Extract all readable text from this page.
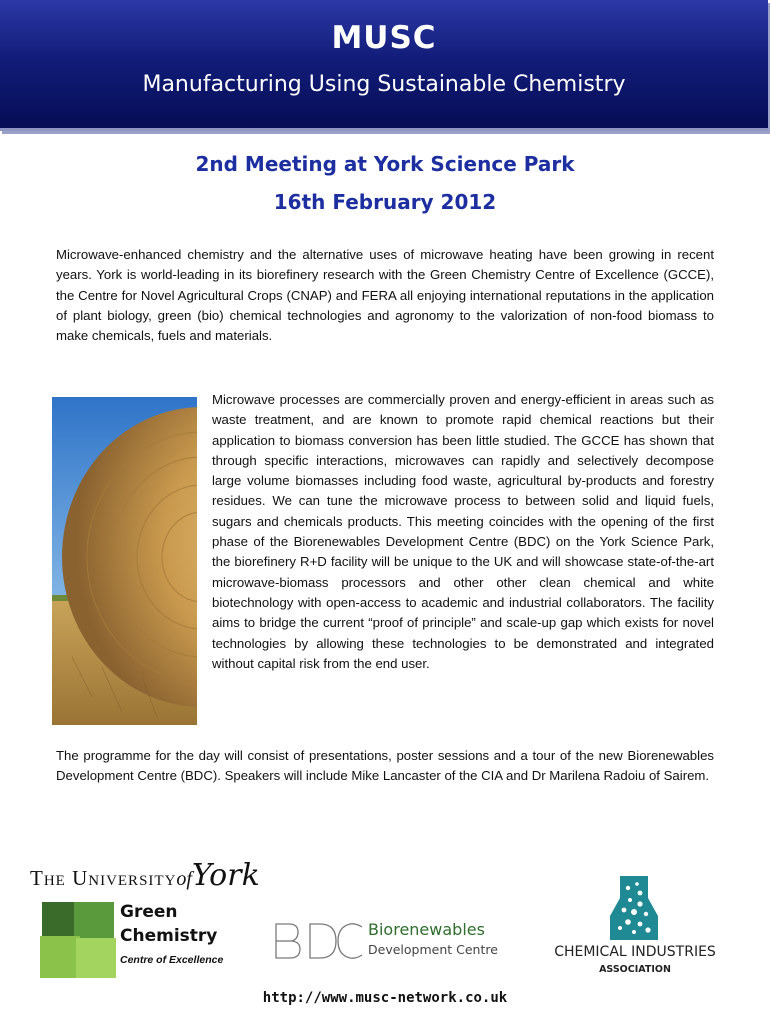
MUSC
Manufacturing Using Sustainable Chemistry
2nd Meeting at York Science Park
16th February 2012

Microwave-enhanced chemistry and the alternative uses of microwave heating have been growing in recent years. York is world-leading in its biorefinery research with the Green Chemistry Centre of Excellence (GCCE), the Centre for Novel Agricultural Crops (CNAP) and FERA all enjoying international reputations in the application of plant biology, green (bio) chemical technologies and agronomy to the valorization of non-food biomass to make chemicals, fuels and materials.

Microwave processes are commercially proven and energy-efficient in areas such as waste treatment, and are known to promote rapid chemical reactions but their application to biomass conversion has been little studied. The GCCE has shown that through specific interactions, microwaves can rapidly and selectively decompose large volume biomasses including food waste, agricultural by-products and forestry residues. We can tune the microwave process to between solid and liquid fuels, sugars and chemicals products. This meeting coincides with the opening of the first phase of the Biorenewables Development Centre (BDC) on the York Science Park, the biorefinery R+D facility will be unique to the UK and will showcase state-of-the-art microwave-biomass processors and other other clean chemical and white biotechnology with open-access to academic and industrial collaborators. The facility aims to bridge the current “proof of principle” and scale-up gap which exists for novel technologies by allowing these technologies to be demonstrated and integrated without capital risk from the end user.

The programme for the day will consist of presentations, poster sessions and a tour of the new Biorenewables Development Centre (BDC). Speakers will include Mike Lancaster of the CIA and Dr Marilena Radoiu of Sairem.

The UniversityofYork
Green
Chemistry
Centre of Excellence
Biorenewables
Development Centre	CHEMICAL INDUSTRIES
ASSOCIATION
http://www.musc-network.co.uk
